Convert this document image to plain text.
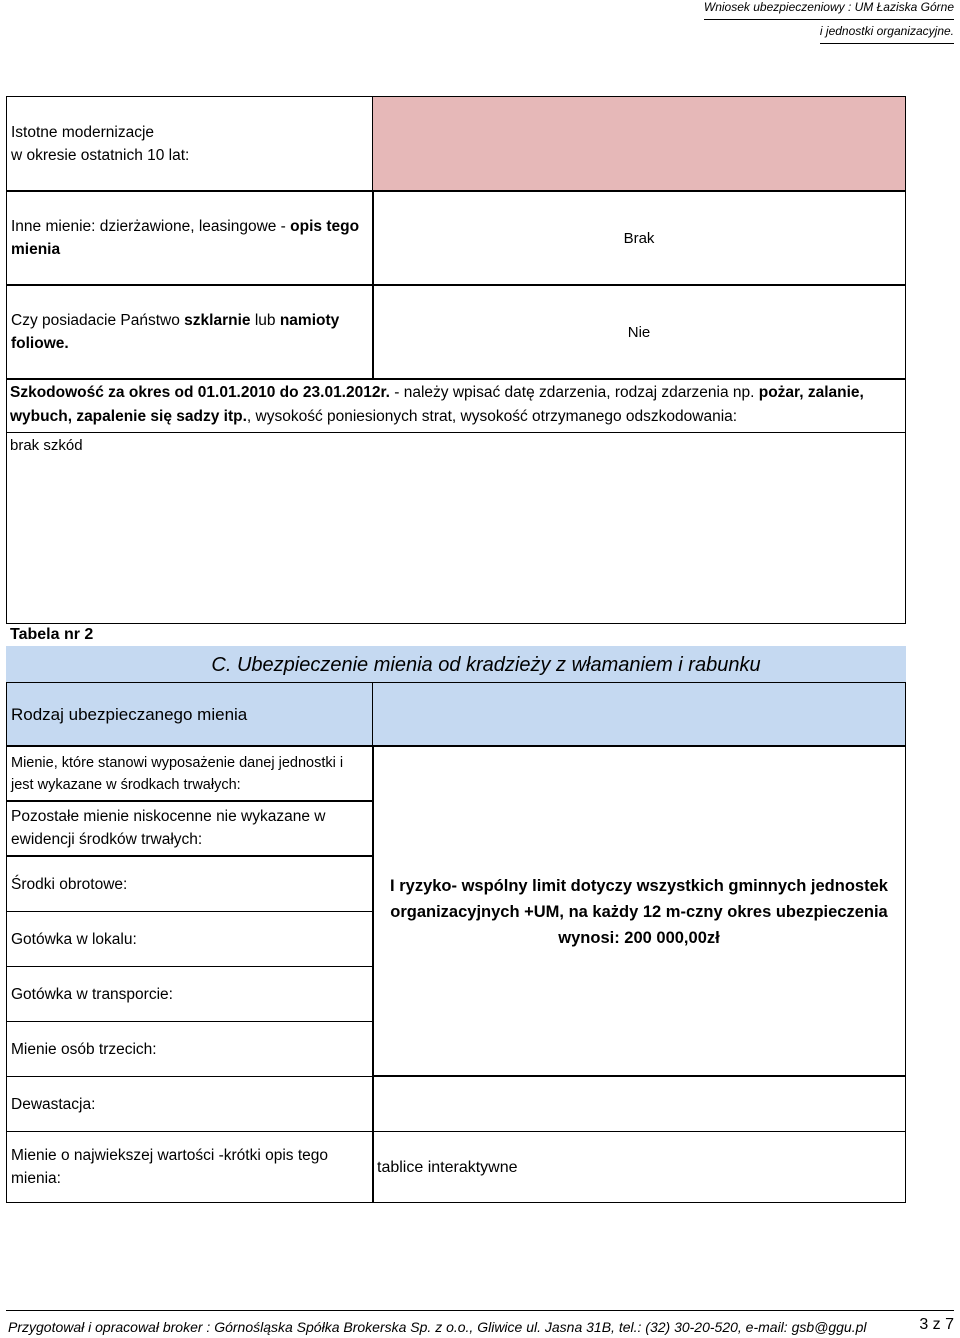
Wniosek ubezpieczeniowy : UM Łaziska Górne
i jednostki organizacyjne.
Istotne modernizacje
w okresie ostatnich 10 lat:
Inne mienie: dzierżawione, leasingowe - opis tego mienia
Brak
Czy posiadacie Państwo szklarnie lub namioty foliowe.
Nie
Szkodowość za okres od 01.01.2010 do 23.01.2012r. - należy wpisać datę zdarzenia, rodzaj zdarzenia np. pożar, zalanie, wybuch, zapalenie się sadzy itp., wysokość poniesionych strat, wysokość otrzymanego odszkodowania:
brak szkód
Tabela nr 2
C. Ubezpieczenie mienia od kradzieży z włamaniem i rabunku
Rodzaj ubezpieczanego mienia
Mienie, które stanowi wyposażenie danej jednostki i jest wykazane w środkach trwałych:
Pozostałe mienie niskocenne nie wykazane w ewidencji środków trwałych:
Środki obrotowe:
Gotówka w lokalu:
Gotówka w transporcie:
Mienie osób trzecich:
Dewastacja:
I ryzyko- wspólny limit dotyczy wszystkich gminnych jednostek organizacyjnych +UM, na każdy 12 m-czny okres ubezpieczenia wynosi: 200 000,00zł
Mienie o najwiekszej wartości -krótki opis tego mienia:
tablice interaktywne
Przygotował i opracował broker : Górnośląska Spółka Brokerska Sp. z o.o., Gliwice ul. Jasna 31B, tel.: (32) 30-20-520, e-mail: gsb@ggu.pl	3 z 7
